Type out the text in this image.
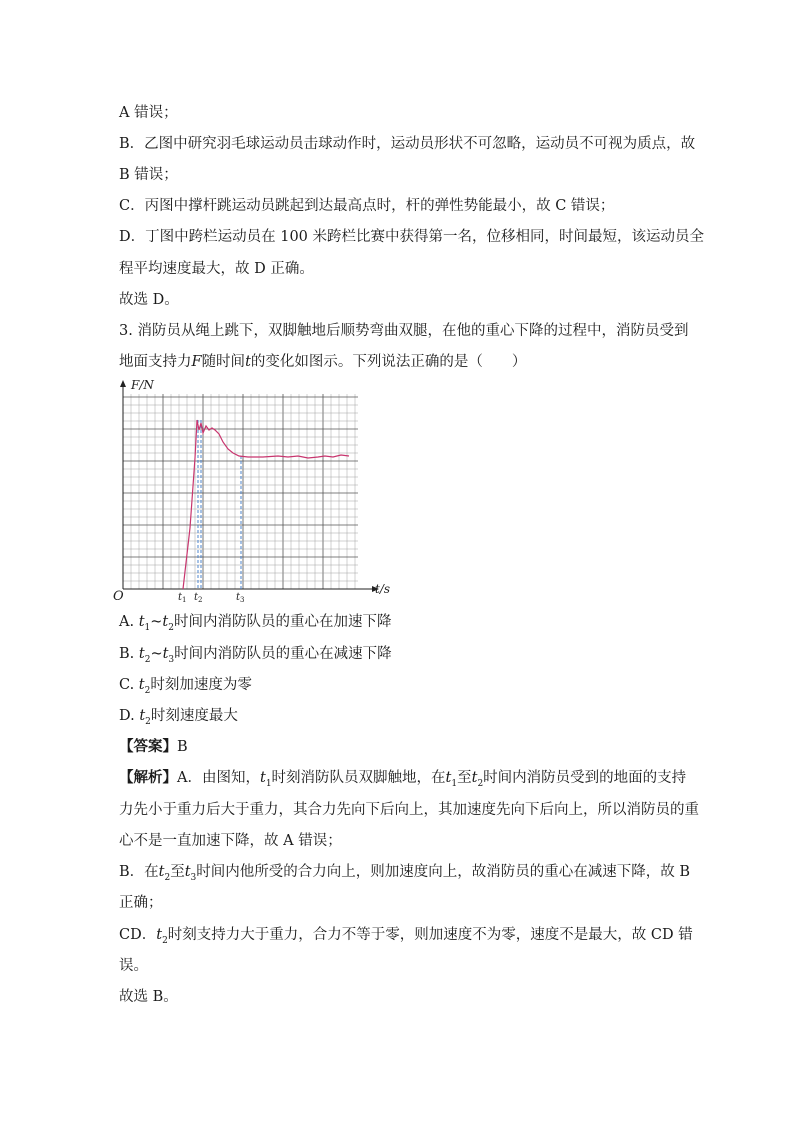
A 错误；
B．乙图中研究羽毛球运动员击球动作时，运动员形状不可忽略，运动员不可视为质点，故
B 错误；
C．丙图中撑杆跳运动员跳起到达最高点时，杆的弹性势能最小，故 C 错误；
D．丁图中跨栏运动员在 100 米跨栏比赛中获得第一名，位移相同，时间最短，该运动员全
程平均速度最大，故 D 正确。
故选 D。
3. 消防员从绳上跳下，双脚触地后顺势弯曲双腿，在他的重心下降的过程中，消防员受到
地面支持力F随时间t的变化如图示。下列说法正确的是（　　）
F/N
t/s
O	$t_1$ $t_2$	$t_3$
A. $t_1\sim t_2$时间内消防队员的重心在加速下降
B. $t_2\sim t_3$时间内消防队员的重心在减速下降
C. $t_2$时刻加速度为零
D. $t_2$时刻速度最大
【答案】B
【解析】A．由图知，$t_1$时刻消防队员双脚触地，在$t_1$至$t_2$时间内消防员受到的地面的支持
力先小于重力后大于重力，其合力先向下后向上，其加速度先向下后向上，所以消防员的重
心不是一直加速下降，故 A 错误；
B．在$t_2$至$t_3$时间内他所受的合力向上，则加速度向上，故消防员的重心在减速下降，故 B
正确；
CD．$t_2$时刻支持力大于重力，合力不等于零，则加速度不为零，速度不是最大，故 CD 错
误。
故选 B。
